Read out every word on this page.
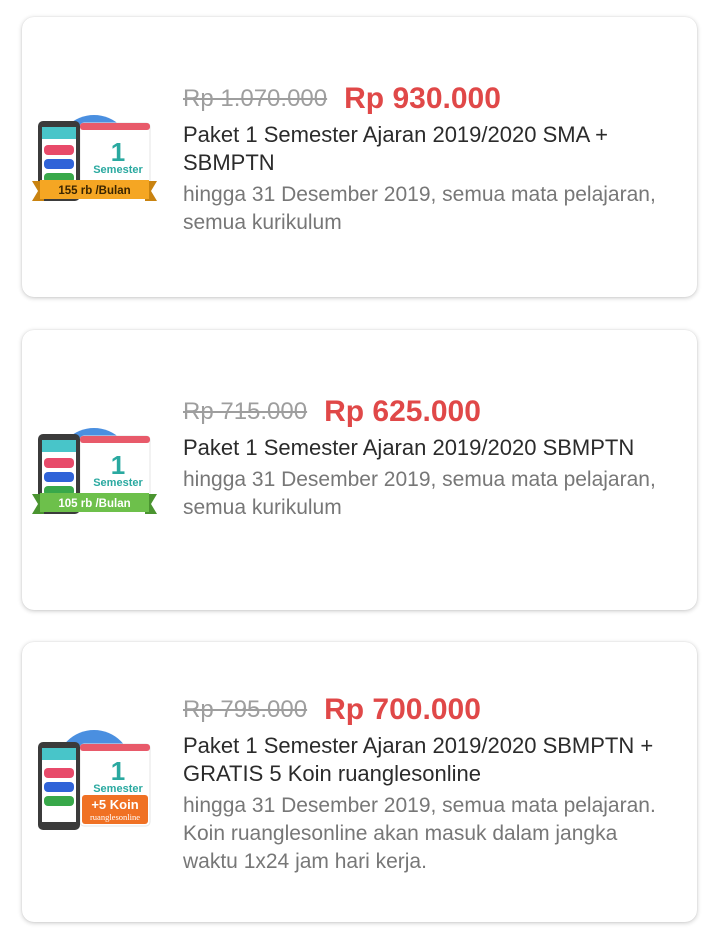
1
Semester
155 rb /Bulan
Rp 1.070.000 Rp 930.000
Paket 1 Semester Ajaran 2019/2020 SMA + SBMPTN
hingga 31 Desember 2019, semua mata pelajaran, semua kurikulum
1
Semester
105 rb /Bulan
Rp 715.000 Rp 625.000
Paket 1 Semester Ajaran 2019/2020 SBMPTN
hingga 31 Desember 2019, semua mata pelajaran, semua kurikulum
1
Semester
+5 Koin
ruanglesonline
Rp 795.000 Rp 700.000
Paket 1 Semester Ajaran 2019/2020 SBMPTN + GRATIS 5 Koin ruanglesonline
hingga 31 Desember 2019, semua mata pelajaran. Koin ruanglesonline akan masuk dalam jangka waktu 1x24 jam hari kerja.
